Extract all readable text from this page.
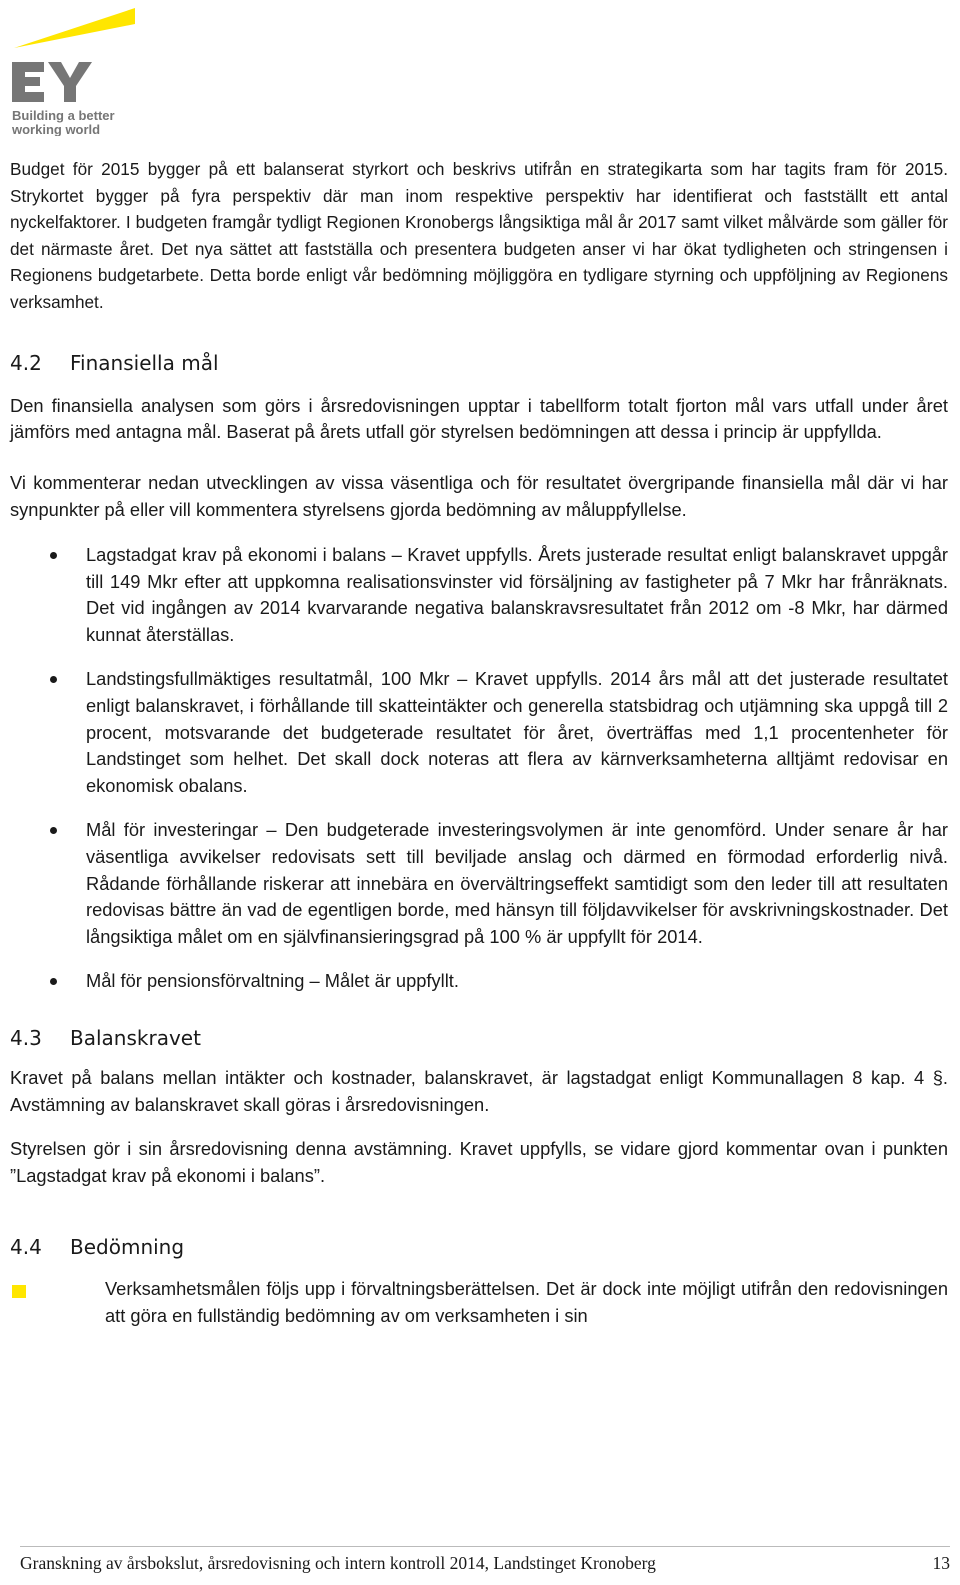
Building a better
working world

Budget för 2015 bygger på ett balanserat styrkort och beskrivs utifrån en strategikarta som har tagits fram för 2015. Strykortet bygger på fyra perspektiv där man inom respektive perspektiv har identifierat och fastställt ett antal nyckelfaktorer. I budgeten framgår tydligt Regionen Kronobergs långsiktiga mål år 2017 samt vilket målvärde som gäller för det närmaste året. Det nya sättet att fastställa och presentera budgeten anser vi har ökat tydligheten och stringensen i Regionens budgetarbete. Detta borde enligt vår bedömning möjliggöra en tydligare styrning och uppföljning av Regionens verksamhet.

4.2	Finansiella mål

Den finansiella analysen som görs i årsredovisningen upptar i tabellform totalt fjorton mål vars utfall under året jämförs med antagna mål. Baserat på årets utfall gör styrelsen bedömningen att dessa i princip är uppfyllda.

Vi kommenterar nedan utvecklingen av vissa väsentliga och för resultatet övergripande finansiella mål där vi har synpunkter på eller vill kommentera styrelsens gjorda bedömning av måluppfyllelse.

Lagstadgat krav på ekonomi i balans – Kravet uppfylls. Årets justerade resultat enligt balanskravet uppgår till 149 Mkr efter att uppkomna realisationsvinster vid försäljning av fastigheter på 7 Mkr har frånräknats. Det vid ingången av 2014 kvarvarande negativa balanskravsresultatet från 2012 om -8 Mkr, har därmed kunnat återställas.
Landstingsfullmäktiges resultatmål, 100 Mkr – Kravet uppfylls. 2014 års mål att det justerade resultatet enligt balanskravet, i förhållande till skatteintäkter och generella statsbidrag och utjämning ska uppgå till 2 procent, motsvarande det budgeterade resultatet för året, överträffas med 1,1 procentenheter för Landstinget som helhet. Det skall dock noteras att flera av kärnverksamheterna alltjämt redovisar en ekonomisk obalans.
Mål för investeringar – Den budgeterade investeringsvolymen är inte genomförd. Under senare år har väsentliga avvikelser redovisats sett till beviljade anslag och därmed en förmodad erforderlig nivå. Rådande förhållande riskerar att innebära en övervältringseffekt samtidigt som den leder till att resultaten redovisas bättre än vad de egentligen borde, med hänsyn till följdavvikelser för avskrivningskostnader. Det långsiktiga målet om en självfinansieringsgrad på 100 % är uppfyllt för 2014.
Mål för pensionsförvaltning – Målet är uppfyllt.
4.3	Balanskravet

Kravet på balans mellan intäkter och kostnader, balanskravet, är lagstadgat enligt Kommunallagen 8 kap. 4 §. Avstämning av balanskravet skall göras i årsredovisningen.

Styrelsen gör i sin årsredovisning denna avstämning. Kravet uppfylls, se vidare gjord kommentar ovan i punkten ”Lagstadgat krav på ekonomi i balans”.

4.4	Bedömning
Verksamhetsmålen följs upp i förvaltningsberättelsen. Det är dock inte möjligt utifrån den redovisningen att göra en fullständig bedömning av om verksamheten i sin
Granskning av årsbokslut, årsredovisning och intern kontroll 2014, Landstinget Kronoberg	13
